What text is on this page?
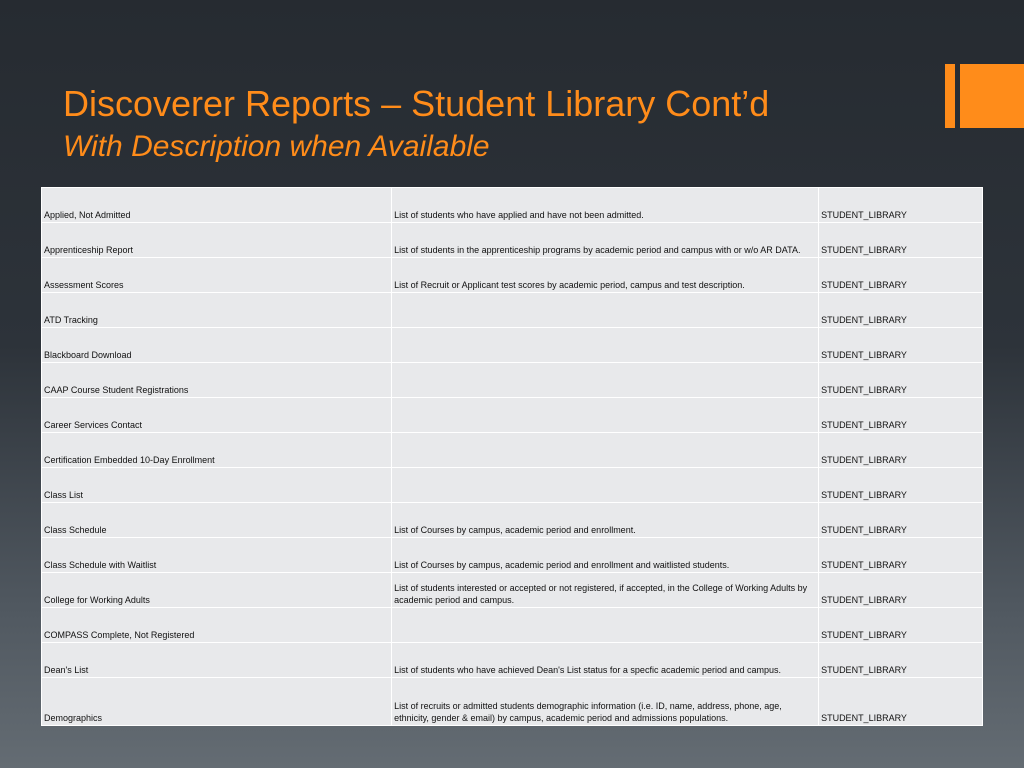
Discoverer Reports – Student Library Cont’d
With Description when Available
Applied, Not Admitted	List of students who have applied and have not been admitted.	STUDENT_LIBRARY
Apprenticeship Report	List of students in the apprenticeship programs by academic period and campus with or w/o AR DATA.	STUDENT_LIBRARY
Assessment Scores	List of Recruit or Applicant test scores by academic period, campus and test description.	STUDENT_LIBRARY
ATD Tracking		STUDENT_LIBRARY
Blackboard Download		STUDENT_LIBRARY
CAAP Course Student Registrations		STUDENT_LIBRARY
Career Services Contact		STUDENT_LIBRARY
Certification Embedded 10-Day Enrollment		STUDENT_LIBRARY
Class List		STUDENT_LIBRARY
Class Schedule	List of Courses by campus, academic period and enrollment.	STUDENT_LIBRARY
Class Schedule with Waitlist	List of Courses by campus, academic period and enrollment and waitlisted students.	STUDENT_LIBRARY
College for Working Adults	List of students interested or accepted or not registered, if accepted, in the College of Working Adults by academic period and campus.	STUDENT_LIBRARY
COMPASS Complete, Not Registered		STUDENT_LIBRARY
Dean's List	List of students who have achieved Dean's List status for a specfic academic period and campus.	STUDENT_LIBRARY
Demographics	List of recruits or admitted students demographic information (i.e. ID, name, address, phone, age, ethnicity, gender & email) by campus, academic period and admissions populations.	STUDENT_LIBRARY
